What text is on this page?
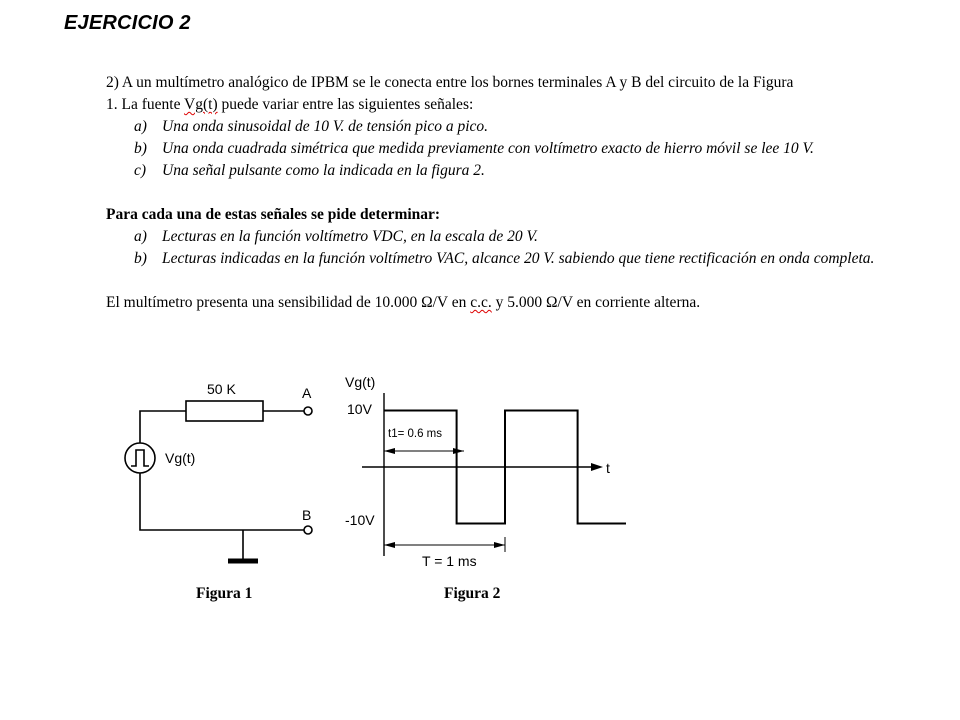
EJERCICIO 2

2) A un multímetro analógico de IPBM se le conecta entre los bornes terminales A y B del circuito de la Figura
1. La fuente Vg(t) puede variar entre las siguientes señales:

a) Una onda sinusoidal de 10 V. de tensión pico a pico.
b) Una onda cuadrada simétrica que medida previamente con voltímetro exacto de hierro móvil se lee 10 V.
c) Una señal pulsante como la indicada en la figura 2.

Para cada una de estas señales se pide determinar:

a) Lecturas en la función voltímetro VDC, en la escala de 20 V.
b) Lecturas indicadas en la función voltímetro VAC, alcance 20 V. sabiendo que tiene rectificación en onda completa.

El multímetro presenta una sensibilidad de 10.000 Ω/V en c.c. y 5.000 Ω/V en corriente alterna.

50 K	A
B
Vg(t)
Figura 1
Vg(t)
10V
-10V
t
t1= 0.6 ms
T = 1 ms
Figura 2
